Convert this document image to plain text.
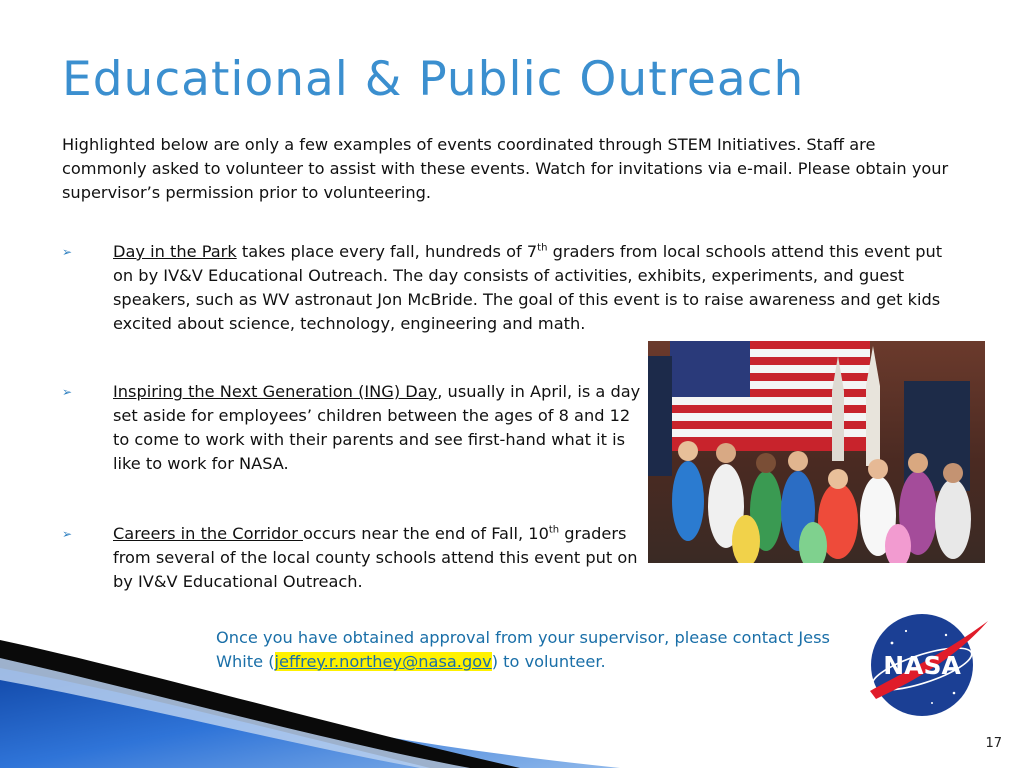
Educational & Public Outreach
Highlighted below are only a few examples of events coordinated through STEM Initiatives. Staff are commonly asked to volunteer to assist with these events. Watch for invitations via e-mail. Please obtain your supervisor’s permission prior to volunteering.
➢	Day in the Park takes place every fall, hundreds of 7th graders from local schools attend this event put on by IV&V Educational Outreach. The day consists of activities, exhibits, experiments, and guest speakers, such as WV astronaut Jon McBride. The goal of this event is to raise awareness and get kids excited about science, technology, engineering and math.
➢	Inspiring the Next Generation (ING) Day, usually in April, is a day set aside for employees’ children between the ages of 8 and 12 to come to work with their parents and see first-hand what it is like to work for NASA.
➢	Careers in the Corridor occurs near the end of Fall, 10th graders from several of the local county schools attend this event put on by IV&V Educational Outreach.
Once you have obtained approval from your supervisor, please contact Jess White (jeffrey.r.northey@nasa.gov) to volunteer.	NASA
17
